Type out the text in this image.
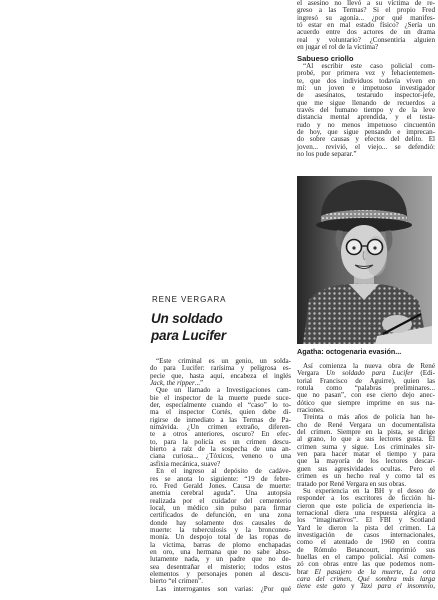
RENE VERGARA
Un soldado
para Lucifer
“Este criminal es un genio, un solda-
do para Lucifer: rarísima y peligrosa es-
pecie que, hasta aquí, encabeza el inglés
Jack, the ripper...”
Que un llamado a Investigaciones cam-
bie el inspector de la muerte puede suce-
der, especialmente cuando el “caso” lo to-
ma el inspector Cortés, quien debe di-
rigirse de inmediato a las Termas de Pa-
nimávida. ¿Un crimen extraño, diferen-
te a otros anteriores, oscuro? En efec-
to, para la policía es un crimen descu-
bierto a raíz de la sospecha de una an-
ciana curiosa... ¿Tóxicos, veneno o una
asfixia mecánica, suave?
En el ingreso al depósito de cadáve-
res se anota lo siguiente: “19 de febre-
ro. Fred Gerald Jones. Causa de muerte:
anemia cerebral aguda”. Una autopsia
realizada por el cuidador del cementerio
local, un médico sin pulso para firmar
certificados de defunción, en una zona
donde hay solamente dos causales de
muerte: la tuberculosis y la bronconeu-
monía. Un despojo total de las ropas de
la víctima, barras de plomo enchapadas
en oro, una hermana que no sabe abso-
lutamente nada, y un padre que no de-
sea desentrañar el misterio; todos estos
elementos y personajes ponen al descu-
bierto “el crimen”.
Las interrogantes son varias: ¿Por qué
el asesino no llevó a su víctima de re-
greso a las Termas? Si el propio Fred
ingresó su agonía... ¿por qué manifes-
tó estar en mal estado físico? ¿Sería un
acuerdo entre dos actores de un drama
real y voluntario? ¿Consentiría alguien
en jugar el rol de la víctima?
Sabueso criollo
“Al escribir este caso policial com-
probé, por primera vez y fehacientemen-
te, que dos individuos todavía viven en
mí: un joven e impetuoso investigador
de asesinatos, testarudo inspector-jefe,
que me sigue llenando de recuerdos a
través del humano tiempo y de la leve
distancia mental aprendida, y el testa-
rudo y no menos impetuoso cincuentón
de hoy, que sigue pensando e imprecan-
do sobre causas y efectos del delito. El
joven... revivió, el viejo... se defendió:
no los pude separar.”
Agatha: octogenaria evasión...
Así comienza la nueva obra de René
Vergara Un soldado para Lucifer (Edi-
torial Francisco de Aguirre), quien las
rotula como “palabras preliminares...
que no pasan”, con ese cierto dejo anec-
dótico que siempre imprime en sus na-
rraciones.
Treinta o más años de policía han he-
cho de René Vergara un documentalista
del crimen. Siempre en la pista, se dirige
al grano, lo que a sus lectores gusta. El
crimen suma y sigue. Los criminales sir-
ven para hacer matar el tiempo y para
que la mayoría de los lectores descar-
guen sus agresividades ocultas. Pero el
crimen es un hecho real y como tal es
tratado por René Vergara en sus obras.
Su experiencia en la BH y el deseo de
responder a los escritores de ficción hi-
cieron que este policía de experiencia in-
ternacional diera una respuesta alérgica a
los “imaginativos”. El FBI y Scotland
Yard le dieron la pista del crimen. La
investigación de casos internacionales,
como el atentado de 1960 en contra
de Rómulo Betancourt, imprimió sus
huellas en el campo policial. Así comen-
zó con obras entre las que podemos nom-
brar El pasajero de la muerte, La otra
cara del crimen, Qué sombra más larga
tiene este gato y Taxi para el insomnio,
